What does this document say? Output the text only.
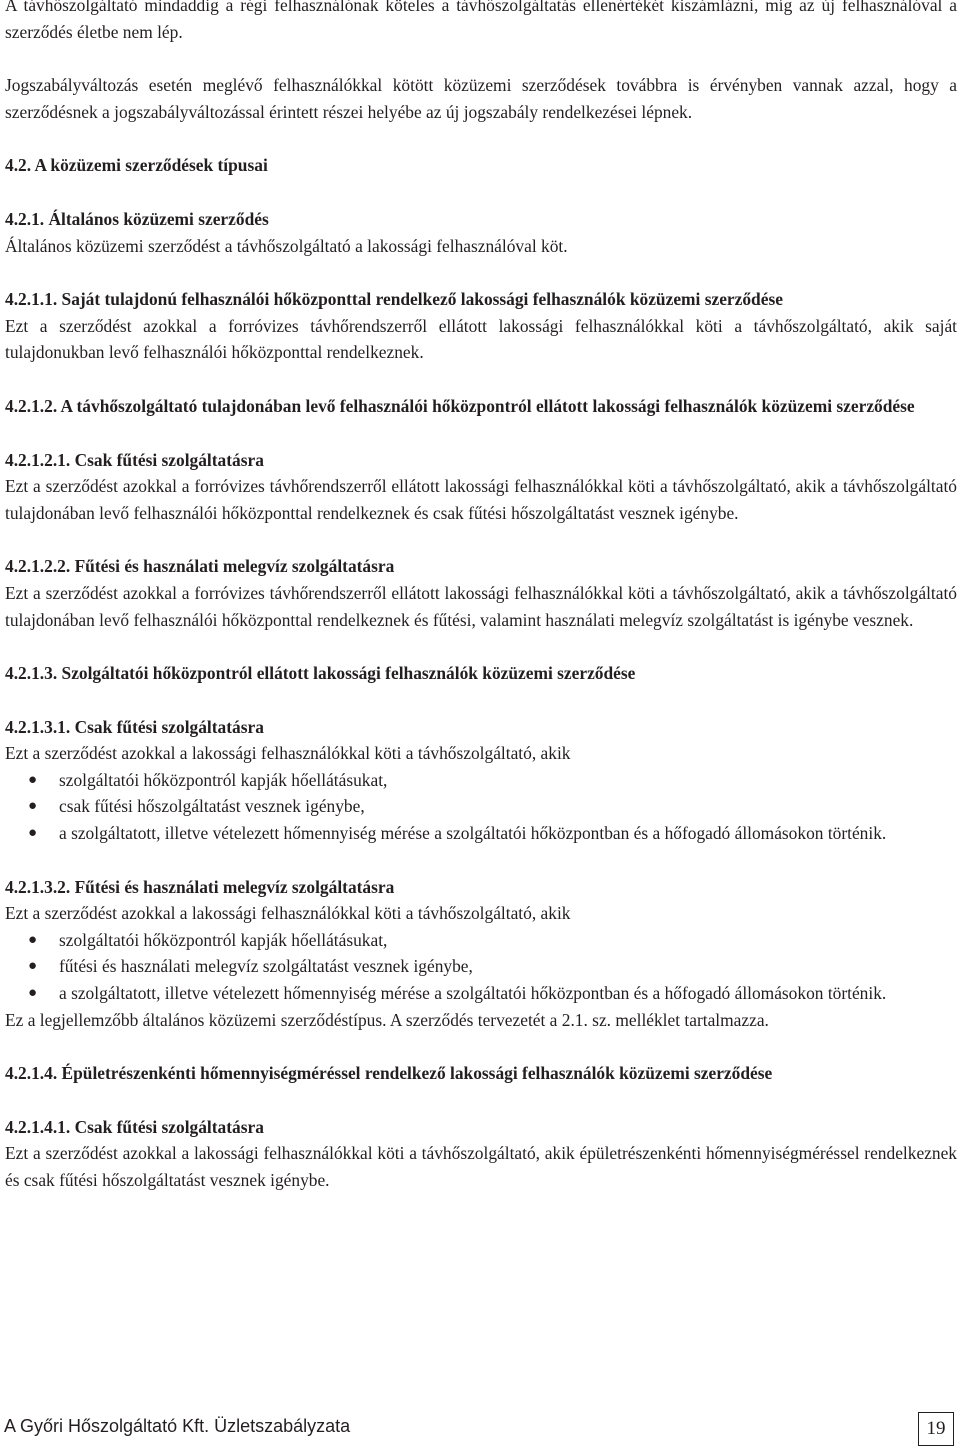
A távhőszolgáltató mindaddig a régi felhasználónak köteles a távhőszolgáltatás ellenértékét kiszámlázni, míg az új felhasználóval a szerződés életbe nem lép.

Jogszabályváltozás esetén meglévő felhasználókkal kötött közüzemi szerződések továbbra is érvényben vannak azzal, hogy a szerződésnek a jogszabályváltozással érintett részei helyébe az új jogszabály rendelkezései lépnek.

4.2. A közüzemi szerződések típusai

4.2.1. Általános közüzemi szerződés

Általános közüzemi szerződést a távhőszolgáltató a lakossági felhasználóval köt.

4.2.1.1. Saját tulajdonú felhasználói hőközponttal rendelkező lakossági felhasználók közüzemi szerződése

Ezt a szerződést azokkal a forróvizes távhőrendszerről ellátott lakossági felhasználókkal köti a távhőszolgáltató, akik saját tulajdonukban levő felhasználói hőközponttal rendelkeznek.

4.2.1.2. A távhőszolgáltató tulajdonában levő felhasználói hőközpontról ellátott lakossági felhasználók közüzemi szerződése

4.2.1.2.1. Csak fűtési szolgáltatásra

Ezt a szerződést azokkal a forróvizes távhőrendszerről ellátott lakossági felhasználókkal köti a távhőszolgáltató, akik a távhőszolgáltató tulajdonában levő felhasználói hőközponttal rendelkeznek és csak fűtési hőszolgáltatást vesznek igénybe.

4.2.1.2.2. Fűtési és használati melegvíz szolgáltatásra

Ezt a szerződést azokkal a forróvizes távhőrendszerről ellátott lakossági felhasználókkal köti a távhőszolgáltató, akik a távhőszolgáltató tulajdonában levő felhasználói hőközponttal rendelkeznek és fűtési, valamint használati melegvíz szolgáltatást is igénybe vesznek.

4.2.1.3. Szolgáltatói hőközpontról ellátott lakossági felhasználók közüzemi szerződése

4.2.1.3.1. Csak fűtési szolgáltatásra

Ezt a szerződést azokkal a lakossági felhasználókkal köti a távhőszolgáltató, akik

● szolgáltatói hőközpontról kapják hőellátásukat,
● csak fűtési hőszolgáltatást vesznek igénybe,
● a szolgáltatott, illetve vételezett hőmennyiség mérése a szolgáltatói hőközpontban és a hőfogadó állomásokon történik.

4.2.1.3.2. Fűtési és használati melegvíz szolgáltatásra

Ezt a szerződést azokkal a lakossági felhasználókkal köti a távhőszolgáltató, akik

● szolgáltatói hőközpontról kapják hőellátásukat,
● fűtési és használati melegvíz szolgáltatást vesznek igénybe,
● a szolgáltatott, illetve vételezett hőmennyiség mérése a szolgáltatói hőközpontban és a hőfogadó állomásokon történik.

Ez a legjellemzőbb általános közüzemi szerződéstípus. A szerződés tervezetét a 2.1. sz. melléklet tartalmazza.

4.2.1.4. Épületrészenkénti hőmennyiségméréssel rendelkező lakossági felhasználók közüzemi szerződése

4.2.1.4.1. Csak fűtési szolgáltatásra

Ezt a szerződést azokkal a lakossági felhasználókkal köti a távhőszolgáltató, akik épületrészenkénti hőmennyiségméréssel rendelkeznek és csak fűtési hőszolgáltatást vesznek igénybe.

A Győri Hőszolgáltató Kft. Üzletszabályzata	19
